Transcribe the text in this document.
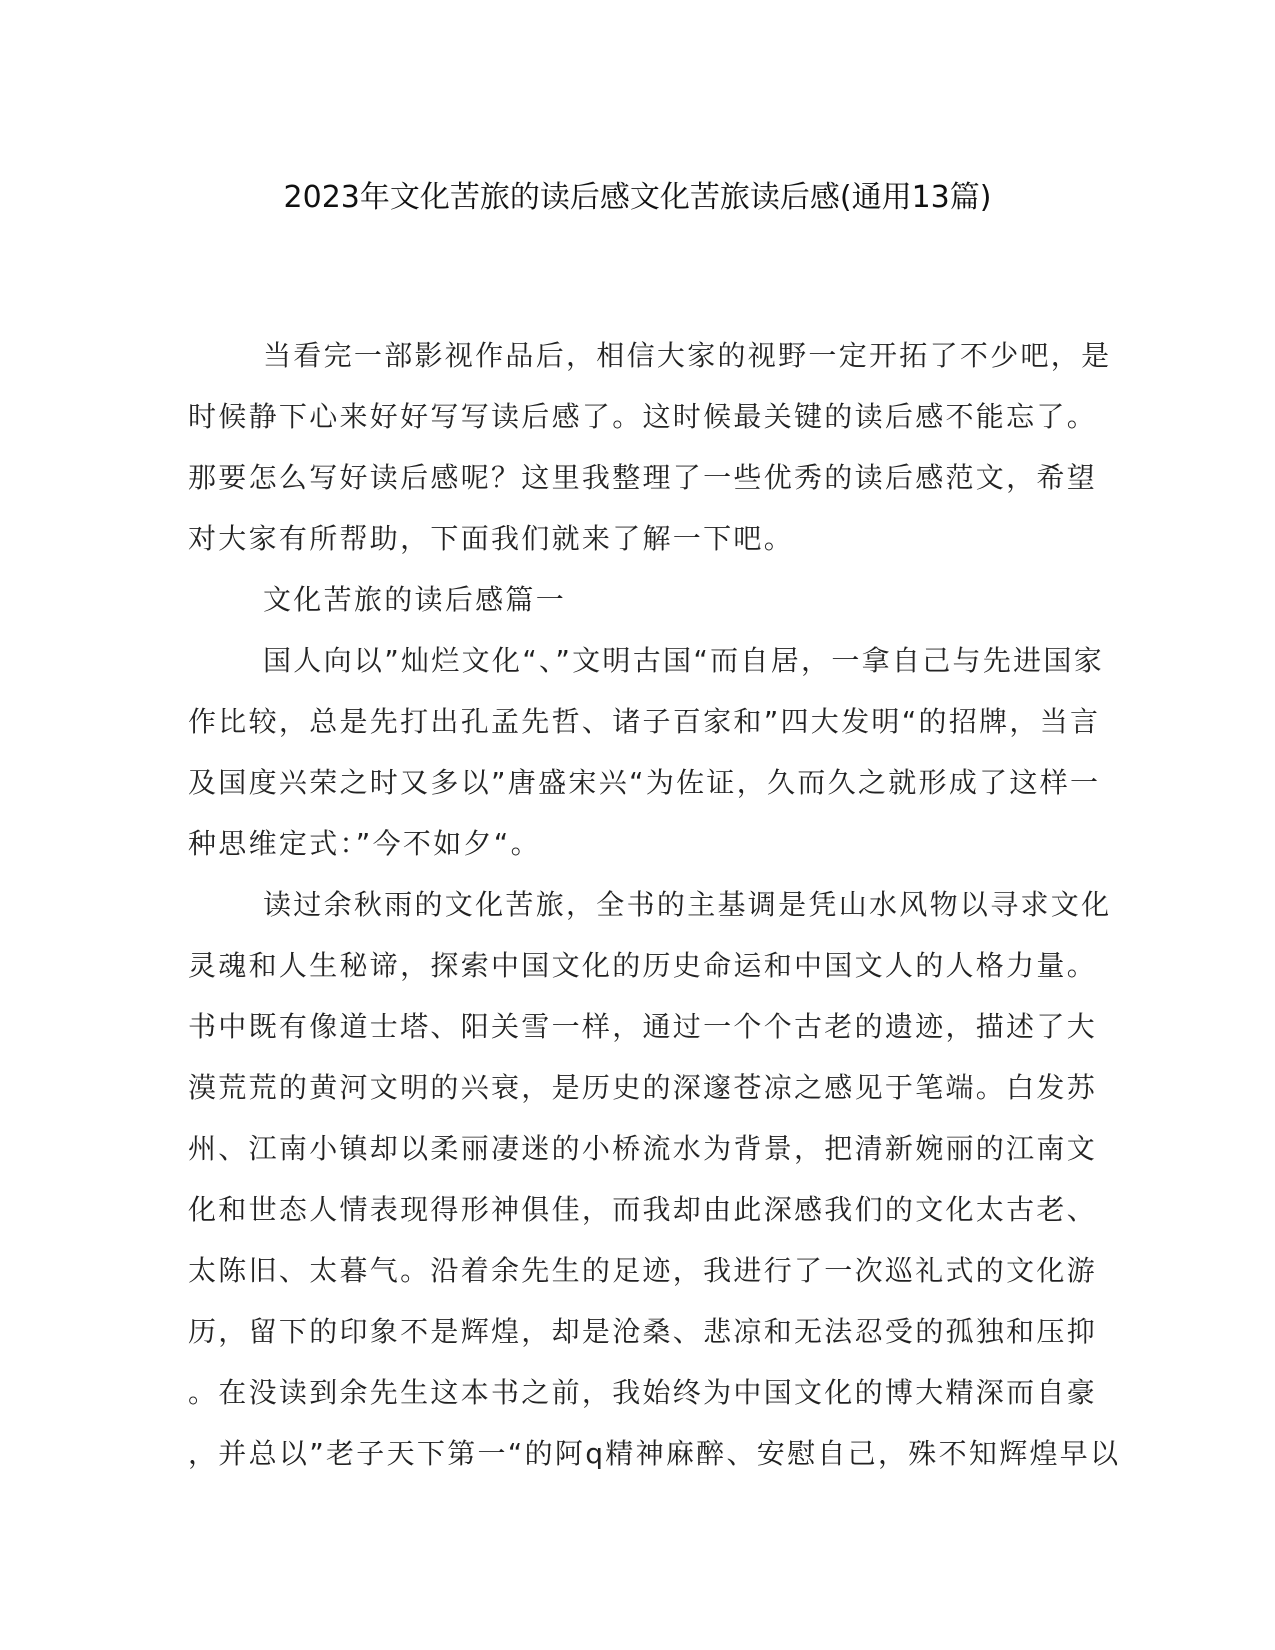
2023年文化苦旅的读后感文化苦旅读后感(通用13篇)
当看完一部影视作品后，相信大家的视野一定开拓了不少吧，是
时候静下心来好好写写读后感了。这时候最关键的读后感不能忘了。
那要怎么写好读后感呢？这里我整理了一些优秀的读后感范文，希望
对大家有所帮助，下面我们就来了解一下吧。
文化苦旅的读后感篇一
国人向以”灿烂文化“、”文明古国“而自居，一拿自己与先进国家
作比较，总是先打出孔孟先哲、诸子百家和”四大发明“的招牌，当言
及国度兴荣之时又多以”唐盛宋兴“为佐证，久而久之就形成了这样一
种思维定式：”今不如夕“。
读过余秋雨的文化苦旅，全书的主基调是凭山水风物以寻求文化
灵魂和人生秘谛，探索中国文化的历史命运和中国文人的人格力量。
书中既有像道士塔、阳关雪一样，通过一个个古老的遗迹，描述了大
漠荒荒的黄河文明的兴衰，是历史的深邃苍凉之感见于笔端。白发苏
州、江南小镇却以柔丽凄迷的小桥流水为背景，把清新婉丽的江南文
化和世态人情表现得形神俱佳，而我却由此深感我们的文化太古老、
太陈旧、太暮气。沿着余先生的足迹，我进行了一次巡礼式的文化游
历，留下的印象不是辉煌，却是沧桑、悲凉和无法忍受的孤独和压抑
。在没读到余先生这本书之前，我始终为中国文化的博大精深而自豪
，并总以”老子天下第一“的阿q精神麻醉、安慰自己，殊不知辉煌早以
